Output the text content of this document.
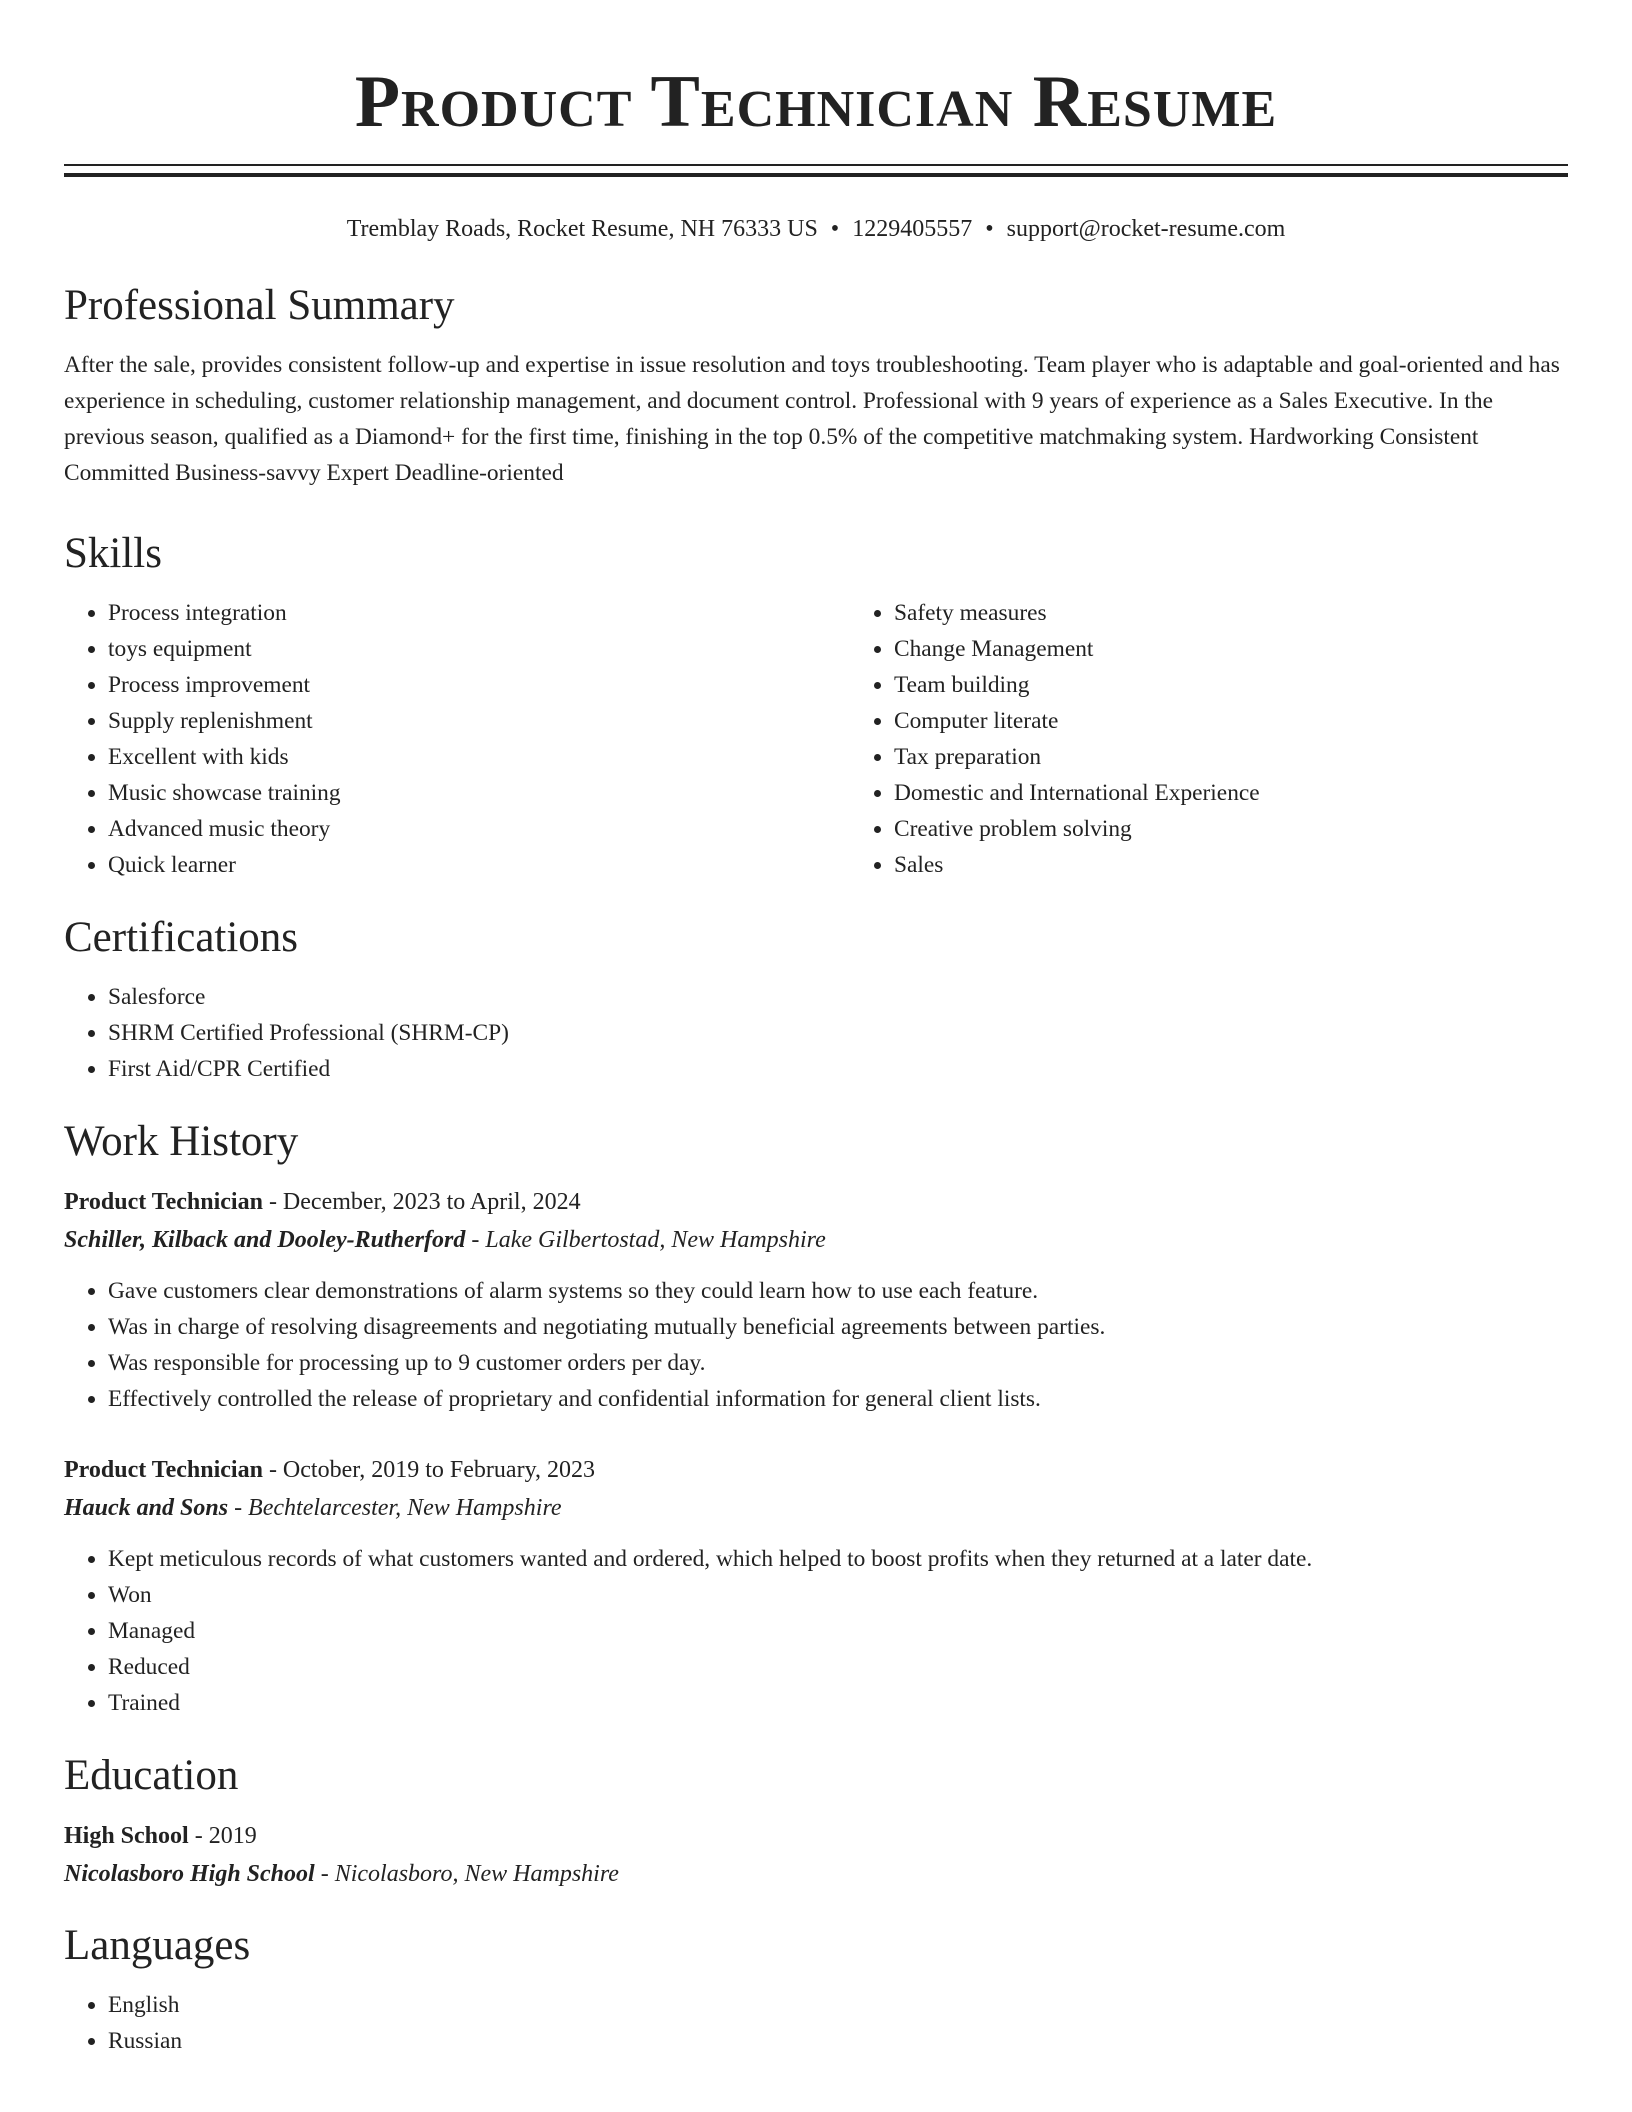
Product Technician Resume
Tremblay Roads, Rocket Resume, NH 76333 US • 1229405557 • support@rocket-resume.com
Professional Summary

After the sale, provides consistent follow-up and expertise in issue resolution and toys troubleshooting. Team player who is adaptable and goal-oriented and has experience in scheduling, customer relationship management, and document control. Professional with 9 years of experience as a Sales Executive. In the previous season, qualified as a Diamond+ for the first time, finishing in the top 0.5% of the competitive matchmaking system. Hardworking Consistent Committed Business-savvy Expert Deadline-oriented

Skills
• Process integration
• toys equipment
• Process improvement
• Supply replenishment
• Excellent with kids
• Music showcase training
• Advanced music theory
• Quick learner
• Safety measures
• Change Management
• Team building
• Computer literate
• Tax preparation
• Domestic and International Experience
• Creative problem solving
• Sales
Certifications
• Salesforce
• SHRM Certified Professional (SHRM-CP)
• First Aid/CPR Certified
Work History
Product Technician - December, 2023 to April, 2024
Schiller, Kilback and Dooley-Rutherford - Lake Gilbertostad, New Hampshire
• Gave customers clear demonstrations of alarm systems so they could learn how to use each feature.
• Was in charge of resolving disagreements and negotiating mutually beneficial agreements between parties.
• Was responsible for processing up to 9 customer orders per day.
• Effectively controlled the release of proprietary and confidential information for general client lists.
Product Technician - October, 2019 to February, 2023
Hauck and Sons - Bechtelarcester, New Hampshire
• Kept meticulous records of what customers wanted and ordered, which helped to boost profits when they returned at a later date.
• Won
• Managed
• Reduced
• Trained
Education
High School - 2019
Nicolasboro High School - Nicolasboro, New Hampshire
Languages
• English
• Russian
